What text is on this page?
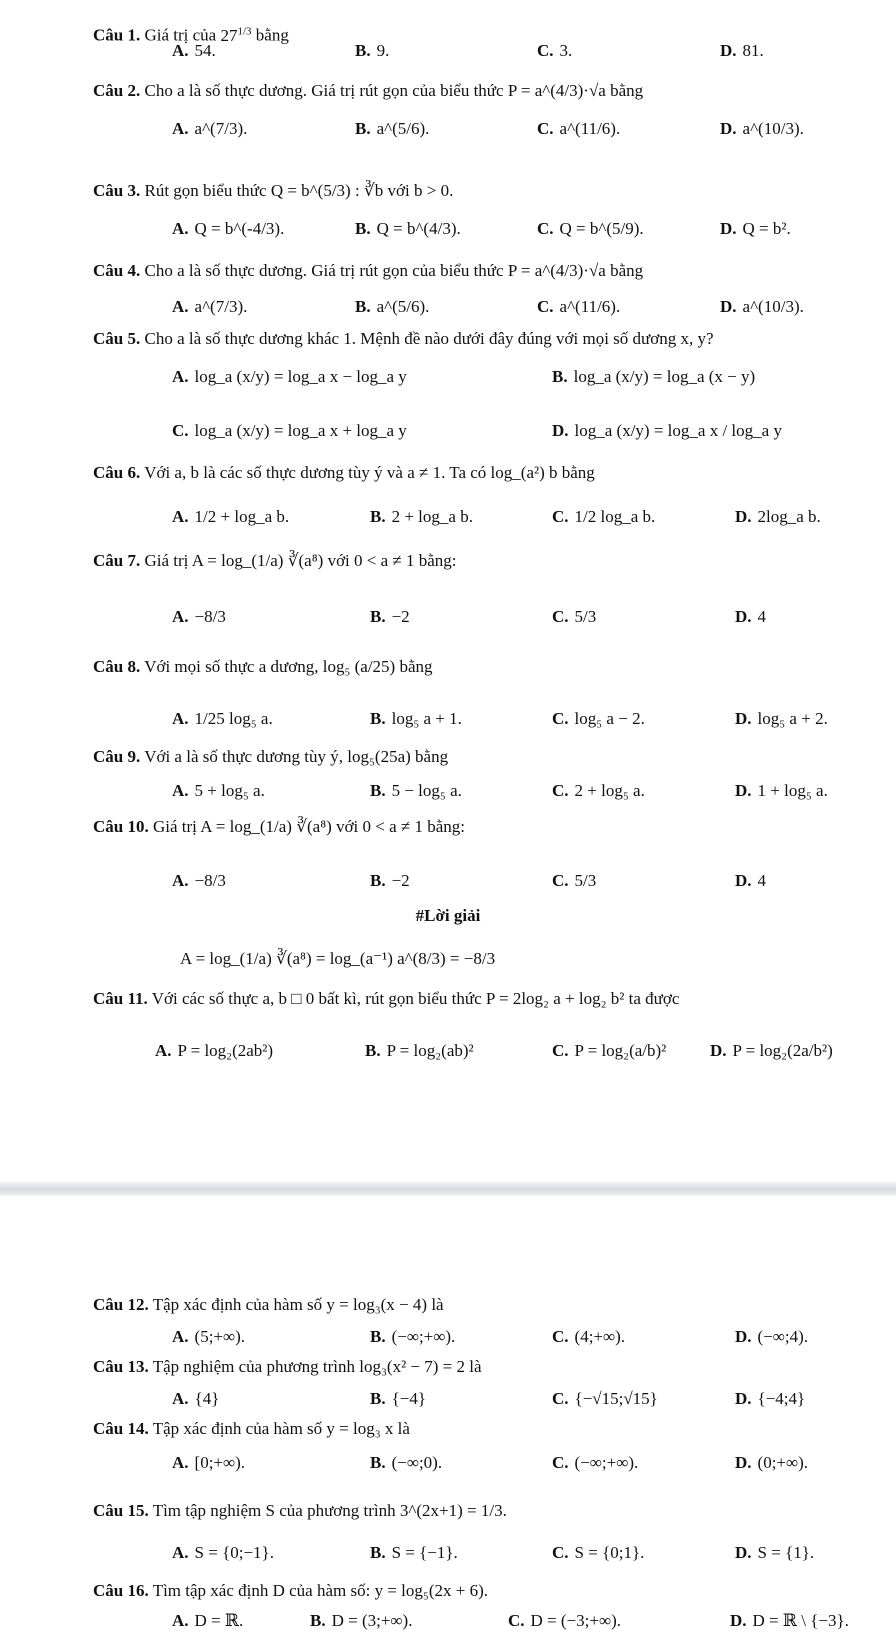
Câu 1. Giá trị của $27^{1/3}$ bằng
A. 54.	B. 9.	C. 3.	D. 81.
Câu 2. Cho a là số thực dương. Giá trị rút gọn của biểu thức P = a^(4/3)·√a bằng
A. a^(7/3).	B. a^(5/6).	C. a^(11/6).	D. a^(10/3).
Câu 3. Rút gọn biểu thức Q = b^(5/3) : ∛b với b > 0.
A. Q = b^(-4/3).	B. Q = b^(4/3).	C. Q = b^(5/9).	D. Q = b².
Câu 4. Cho a là số thực dương. Giá trị rút gọn của biểu thức P = a^(4/3)·√a bằng
A. a^(7/3).	B. a^(5/6).	C. a^(11/6).	D. a^(10/3).
Câu 5. Cho a là số thực dương khác 1. Mệnh đề nào dưới đây đúng với mọi số dương x, y?
A. log_a (x/y) = log_a x − log_a y	B. log_a (x/y) = log_a (x − y)
C. log_a (x/y) = log_a x + log_a y	D. log_a (x/y) = log_a x / log_a y
Câu 6. Với a, b là các số thực dương tùy ý và a ≠ 1. Ta có log_(a²) b bằng
A. 1/2 + log_a b.	B. 2 + log_a b.	C. 1/2 log_a b.	D. 2log_a b.
Câu 7. Giá trị A = log_(1/a) ∛(a⁸) với 0 < a ≠ 1 bằng:
A. −8/3	B. −2	C. 5/3	D. 4
Câu 8. Với mọi số thực a dương, log₅ (a/25) bằng
A. 1/25 log₅ a.	B. log₅ a + 1.	C. log₅ a − 2.	D. log₅ a + 2.
Câu 9. Với a là số thực dương tùy ý, log₅(25a) bằng
A. 5 + log₅ a.	B. 5 − log₅ a.	C. 2 + log₅ a.	D. 1 + log₅ a.
Câu 10. Giá trị A = log_(1/a) ∛(a⁸) với 0 < a ≠ 1 bằng:
A. −8/3	B. −2	C. 5/3	D. 4
#Lời giải
A = log_(1/a) ∛(a⁸) = log_(a⁻¹) a^(8/3) = −8/3
Câu 11. Với các số thực a, b □ 0 bất kì, rút gọn biểu thức P = 2log₂ a + log₂ b² ta được
A. P = log₂(2ab²)	B. P = log₂(ab)²	C. P = log₂(a/b)²	D. P = log₂(2a/b²)
Câu 12. Tập xác định của hàm số y = log₃(x − 4) là
A. (5;+∞).	B. (−∞;+∞).	C. (4;+∞).	D. (−∞;4).
Câu 13. Tập nghiệm của phương trình log₃(x² − 7) = 2 là
A. {4}	B. {−4}	C. {−√15;√15}	D. {−4;4}
Câu 14. Tập xác định của hàm số y = log₃ x là
A. [0;+∞).	B. (−∞;0).	C. (−∞;+∞).	D. (0;+∞).
Câu 15. Tìm tập nghiệm S của phương trình 3^(2x+1) = 1/3.
A. S = {0;−1}.	B. S = {−1}.	C. S = {0;1}.	D. S = {1}.
Câu 16. Tìm tập xác định D của hàm số: y = log₅(2x + 6).
A. D = ℝ.	B. D = (3;+∞).	C. D = (−3;+∞).	D. D = ℝ \ {−3}.
